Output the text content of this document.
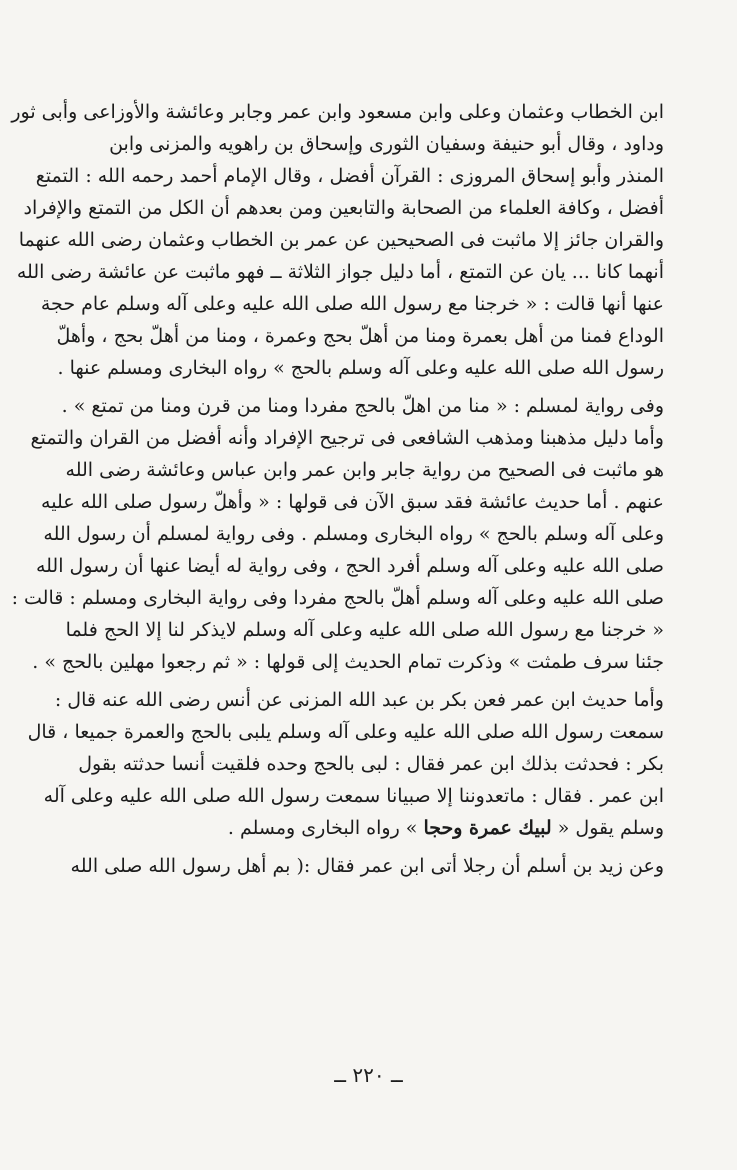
ابن الخطاب وعثمان وعلى وابن مسعود وابن عمر وجابر وعائشة والأوزاعى وأبى ثور
وداود ، وقال أبو حنيفة وسفيان الثورى وإسحاق بن راهويه والمزنى وابن
المنذر وأبو إسحاق المروزى : القرآن أفضل ، وقال الإمام أحمد رحمه الله : التمتع
أفضل ، وكافة العلماء من الصحابة والتابعين ومن بعدهم أن الكل من التمتع والإفراد
والقران جائز إلا ماثبت فى الصحيحين عن عمر بن الخطاب وعثمان رضى الله عنهما
أنهما كانا ... يان عن التمتع ، أما دليل جواز الثلاثة ــ فهو ماثبت عن عائشة رضى الله
عنها أنها قالت : « خرجنا مع رسول الله صلى الله عليه وعلى آله وسلم عام حجة
الوداع فمنا من أهل بعمرة ومنا من أهلّ بحج وعمرة ، ومنا من أهلّ بحج ، وأهلّ
رسول الله صلى الله عليه وعلى آله وسلم بالحج » رواه البخارى ومسلم عنها .

وفى رواية لمسلم : « منا من اهلّ بالحج مفردا ومنا من قرن ومنا من تمتع » .
وأما دليل مذهبنا ومذهب الشافعى فى ترجيح الإفراد وأنه أفضل من القران والتمتع
هو ماثبت فى الصحيح من رواية جابر وابن عمر وابن عباس وعائشة رضى الله
عنهم . أما حديث عائشة فقد سبق الآن فى قولها : « وأهلّ رسول صلى الله عليه
وعلى آله وسلم بالحج » رواه البخارى ومسلم . وفى رواية لمسلم أن رسول الله
صلى الله عليه وعلى آله وسلم أفرد الحج ، وفى رواية له أيضا عنها أن رسول الله
صلى الله عليه وعلى آله وسلم أهلّ بالحج مفردا وفى رواية البخارى ومسلم : قالت :
« خرجنا مع رسول الله صلى الله عليه وعلى آله وسلم لايذكر لنا إلا الحج فلما
جئنا سرف طمثت » وذكرت تمام الحديث إلى قولها : « ثم رجعوا مهلين بالحج » .

وأما حديث ابن عمر فعن بكر بن عبد الله المزنى عن أنس رضى الله عنه قال :
سمعت رسول الله صلى الله عليه وعلى آله وسلم يلبى بالحج والعمرة جميعا ، قال
بكر : فحدثت بذلك ابن عمر فقال : لبى بالحج وحده فلقيت أنسا حدثته بقول
ابن عمر . فقال : ماتعدوننا إلا صبيانا سمعت رسول الله صلى الله عليه وعلى آله
وسلم يقول « لبيك عمرة وحجا » رواه البخارى ومسلم .

وعن زيد بن أسلم أن رجلا أتى ابن عمر فقال :( بم أهل رسول الله صلى الله

ــ ٢٢٠ ــ
